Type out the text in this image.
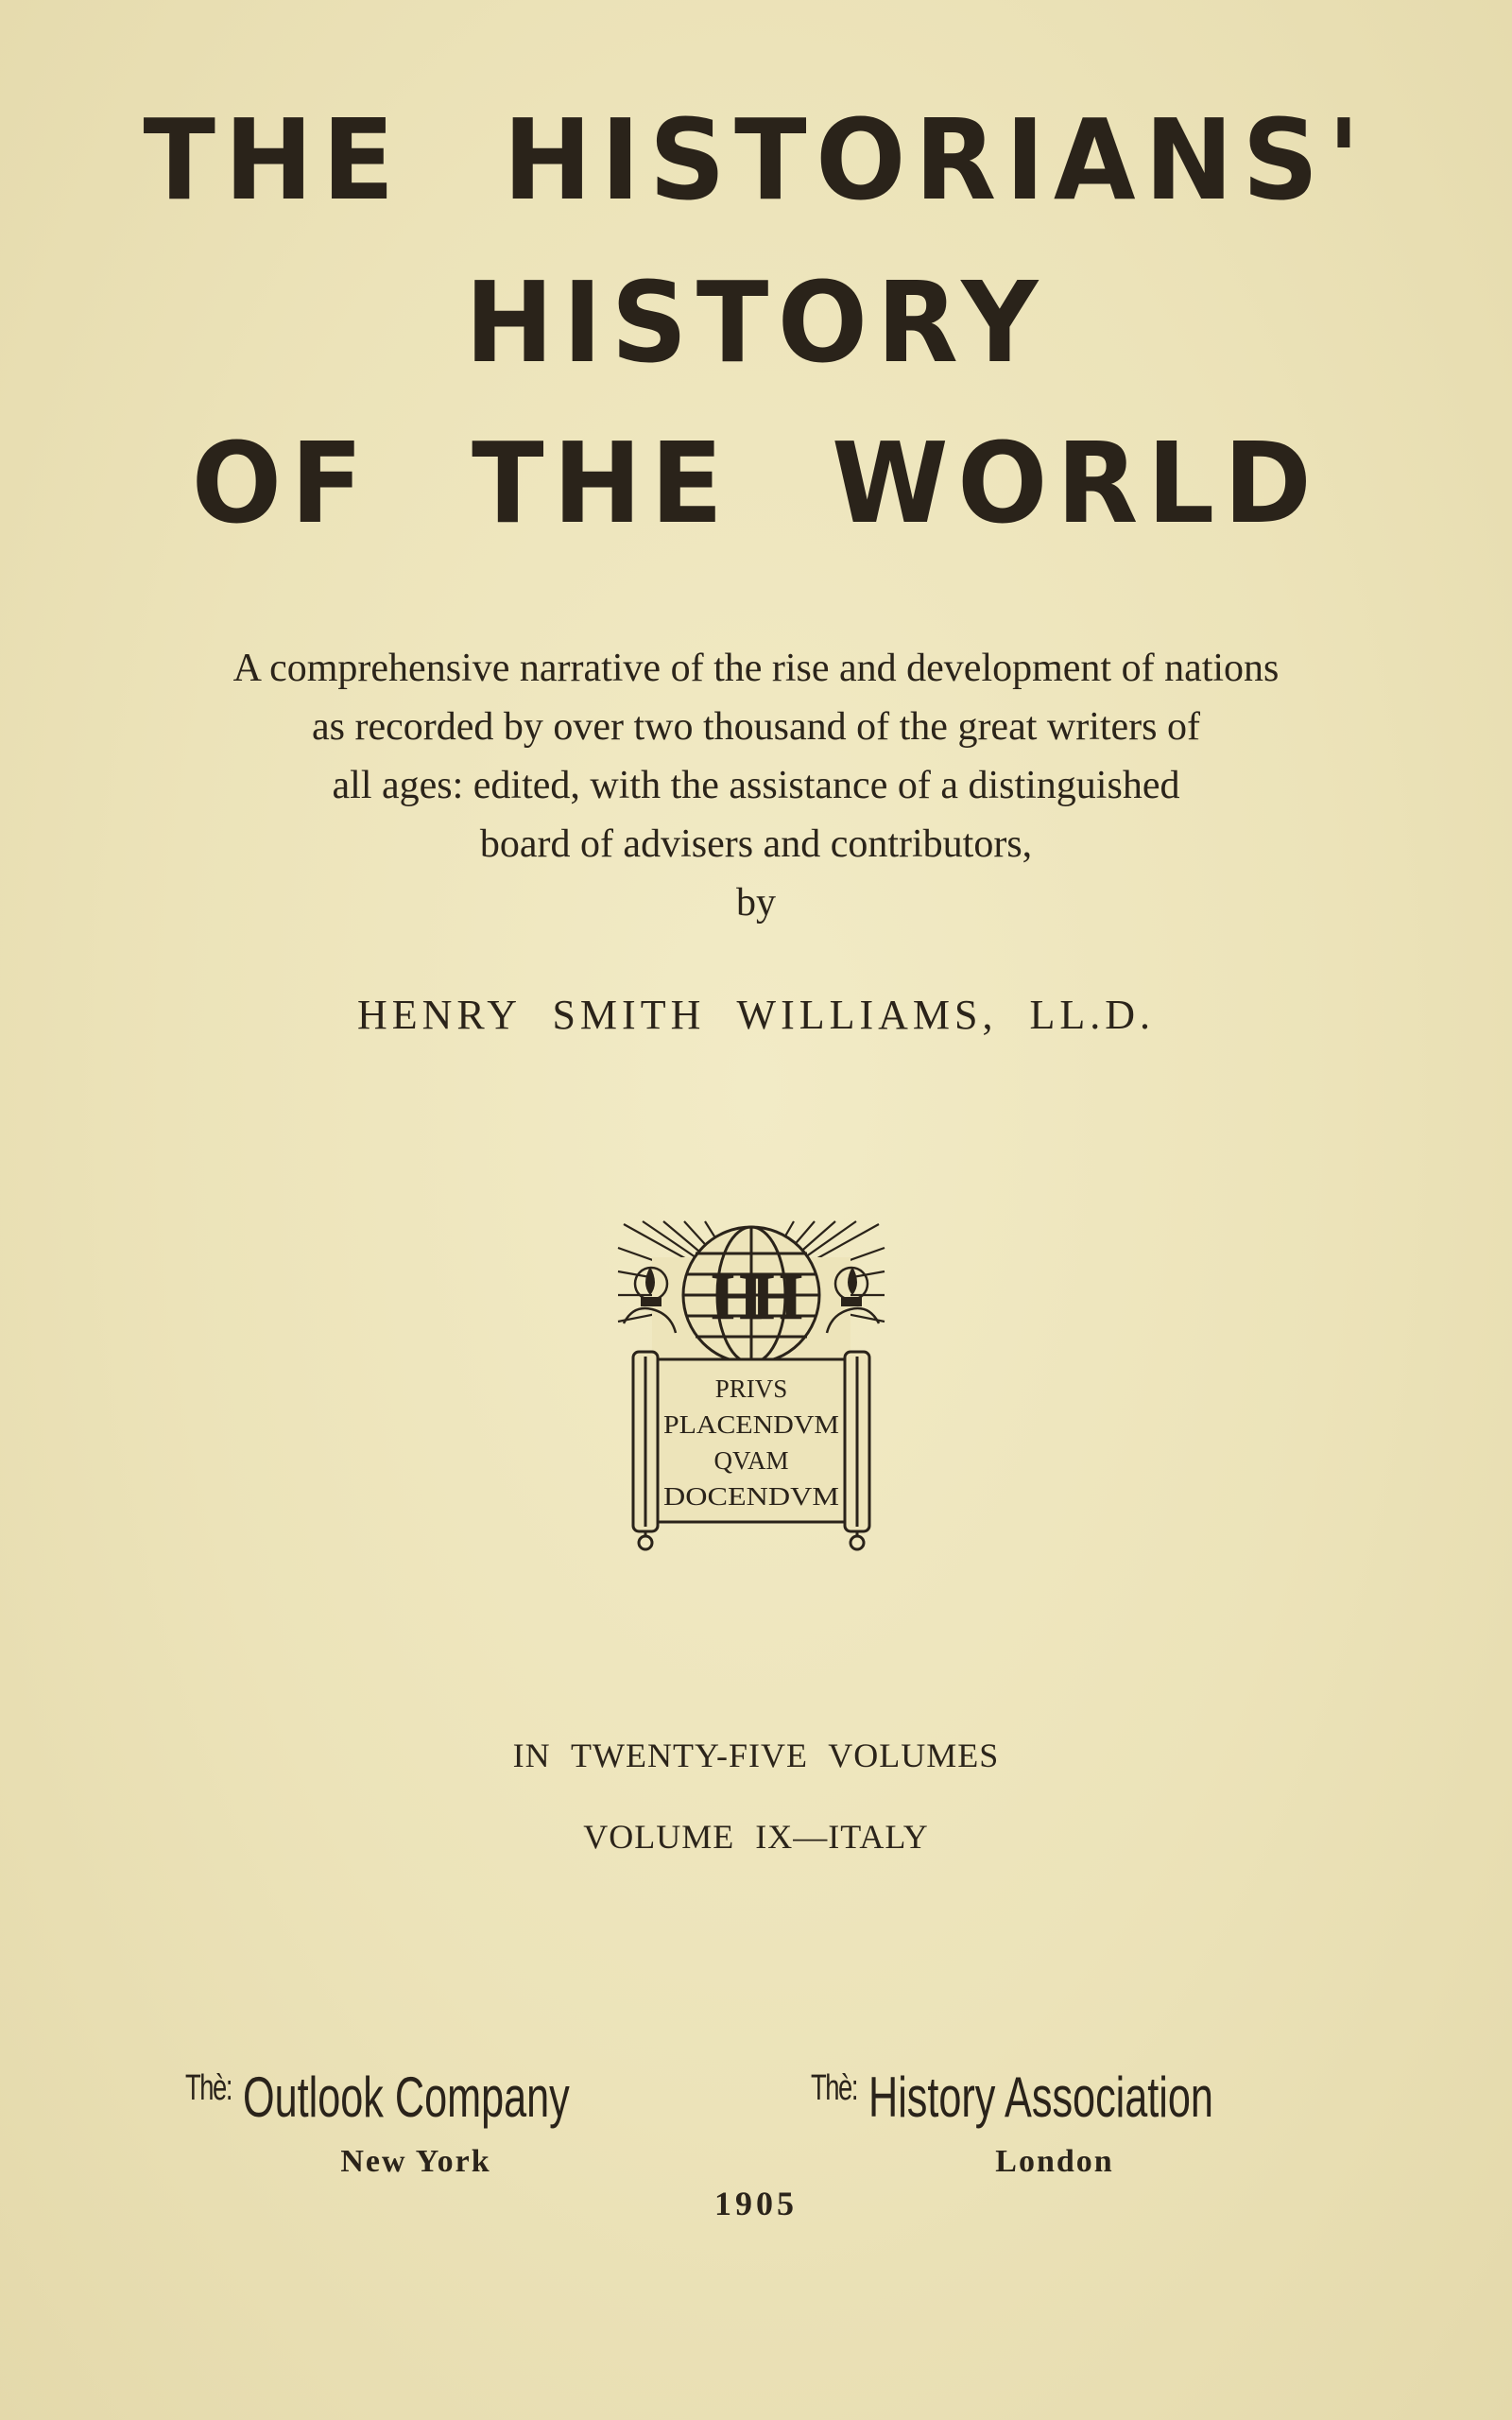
THE HISTORIANS'
HISTORY
OF THE WORLD
A comprehensive narrative of the rise and development of nations
as recorded by over two thousand of the great writers of
all ages: edited, with the assistance of a distinguished
board of advisers and contributors,
by
HENRY SMITH WILLIAMS, LL.D.
HH
PRIVS
PLACENDVM
QVAM
DOCENDVM
IN TWENTY-FIVE VOLUMES
VOLUME IX—ITALY
$^{Thè:}$ Outlook Company	$^{Thè:}$ History Association
New York	London
1905
